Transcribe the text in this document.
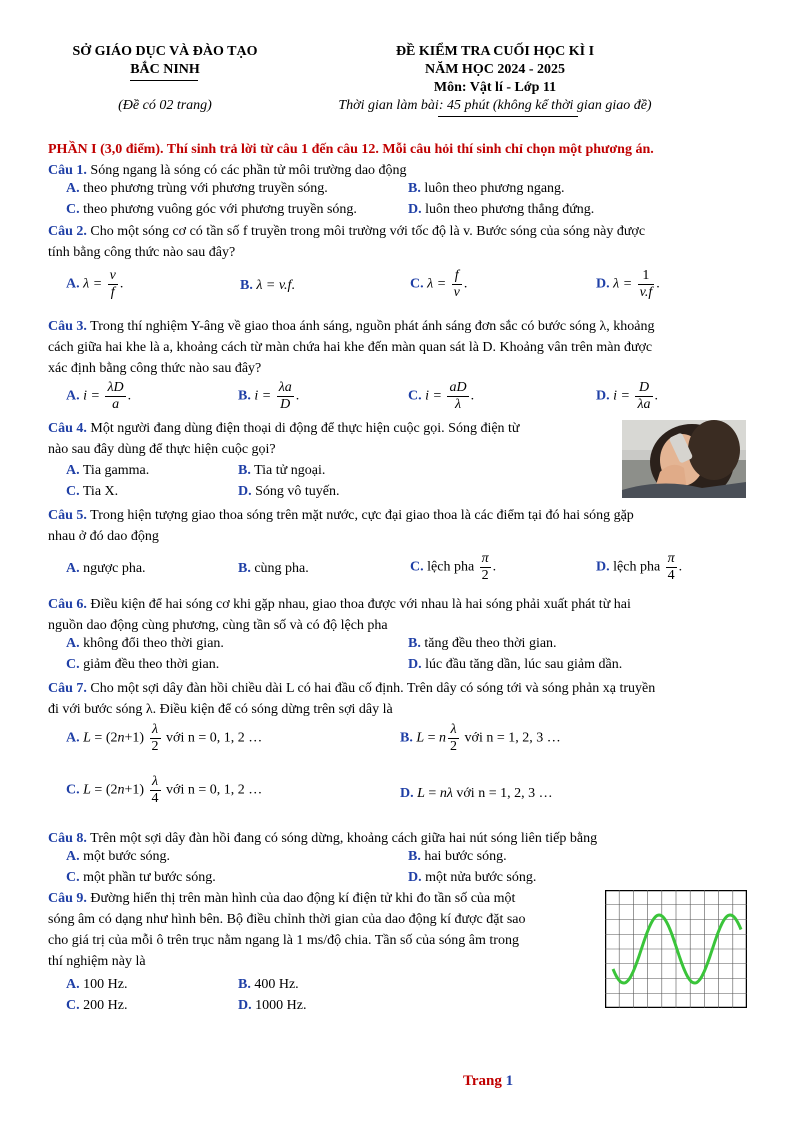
SỞ GIÁO DỤC VÀ ĐÀO TẠO
BẮC NINH
(Đề có 02 trang)
ĐỀ KIỂM TRA CUỐI HỌC KÌ I
NĂM HỌC 2024 - 2025
Môn: Vật lí - Lớp 11
Thời gian làm bài: 45 phút (không kể thời gian giao đề)
PHẦN I (3,0 điểm). Thí sinh trả lời từ câu 1 đến câu 12. Mỗi câu hỏi thí sinh chỉ chọn một phương án.
Câu 1. Sóng ngang là sóng có các phần tử môi trường dao động
A. theo phương trùng với phương truyền sóng.	B. luôn theo phương ngang.
C. theo phương vuông góc với phương truyền sóng.	D. luôn theo phương thẳng đứng.
Câu 2. Cho một sóng cơ có tần số f truyền trong môi trường với tốc độ là v. Bước sóng của sóng này được
tính bằng công thức nào sau đây?
A. $\lambda = \frac{v}{f}$ .	B. λ = v.f.	C. $\lambda = \frac{f}{v}$ .	D. $\lambda = \frac{1}{v.f}$ .
Câu 3. Trong thí nghiệm Y-âng về giao thoa ánh sáng, nguồn phát ánh sáng đơn sắc có bước sóng λ, khoảng
cách giữa hai khe là a, khoảng cách từ màn chứa hai khe đến màn quan sát là D. Khoảng vân trên màn được
xác định bằng công thức nào sau đây?
A. $i = \frac{\lambda D}{a}$ .	B. $i = \frac{\lambda a}{D}$ .	C. $i = \frac{aD}{\lambda}$ .	D. $i = \frac{D}{\lambda a}$ .
Câu 4. Một người đang dùng điện thoại di động để thực hiện cuộc gọi. Sóng điện từ
nào sau đây dùng để thực hiện cuộc gọi?
A. Tia gamma.	B. Tia tử ngoại.
C. Tia X.	D. Sóng vô tuyến.
Câu 5. Trong hiện tượng giao thoa sóng trên mặt nước, cực đại giao thoa là các điểm tại đó hai sóng gặp
nhau ở đó dao động
A. ngược pha.	B. cùng pha.	C. lệch pha $\frac{\pi}{2}$ .	D. lệch pha $\frac{\pi}{4}$ .
Câu 6. Điều kiện để hai sóng cơ khi gặp nhau, giao thoa được với nhau là hai sóng phải xuất phát từ hai
nguồn dao động cùng phương, cùng tần số và có độ lệch pha
A. không đổi theo thời gian.	B. tăng đều theo thời gian.
C. giảm đều theo thời gian.	D. lúc đầu tăng dần, lúc sau giảm dần.
Câu 7. Cho một sợi dây đàn hồi chiều dài L có hai đầu cố định. Trên dây có sóng tới và sóng phản xạ truyền
đi với bước sóng λ. Điều kiện để có sóng dừng trên sợi dây là
A. $L = (2n+1) \frac{\lambda}{2}$ với n = 0, 1, 2 …	B. L = n $\frac{\lambda}{2}$ với n = 1, 2, 3 …
C. $L = (2n+1) \frac{\lambda}{4}$ với n = 0, 1, 2 …	D. L = nλ với n = 1, 2, 3 …
Câu 8. Trên một sợi dây đàn hồi đang có sóng dừng, khoảng cách giữa hai nút sóng liên tiếp bằng
A. một bước sóng.	B. hai bước sóng.
C. một phần tư bước sóng.	D. một nửa bước sóng.
Câu 9. Đường hiển thị trên màn hình của dao động kí điện tử khi đo tần số của một
sóng âm có dạng như hình bên. Bộ điều chỉnh thời gian của dao động kí được đặt sao
cho giá trị của mỗi ô trên trục nằm ngang là 1 ms/độ chia. Tần số của sóng âm trong
thí nghiệm này là
A. 100 Hz.	B. 400 Hz.
C. 200 Hz.	D. 1000 Hz.
Trang 1
